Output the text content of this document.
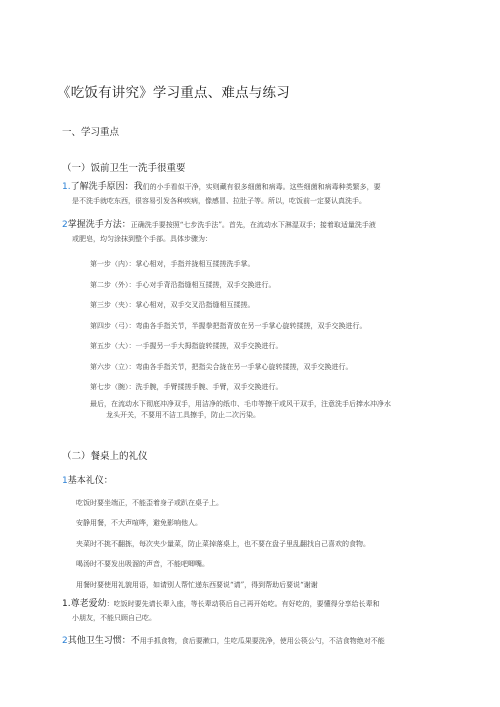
《吃饭有讲究》学习重点、难点与练习
一、学习重点
（一）饭前卫生一洗手很重要
1.了解洗手原因：我们的小手看似干净，实则藏有很多细菌和病毒。这些细菌和病毒种类繁多，要
是不洗手就吃东西，很容易引发各种疾病，像感冒、拉肚子等。所以，吃饭前一定要认真洗手。
2掌握洗手方法：正确洗手要按照“七步洗手法”。首先，在流动水下淋湿双手；接着取适量洗手液
或肥皂，均匀涂抹到整个手部。具体步骤为：
第一步（内）：掌心相对，手指并拢相互揉搓洗手掌。
第二步（外）：手心对手背沿指缝相互揉搓，双手交换进行。
第三步（夹）：掌心相对，双手交叉沿指缝相互揉搓。
第四步（弓）：弯曲各手指关节，半握拳把指背放在另一手掌心旋转揉搓，双手交换进行。
第五步（大）：一手握另一手大拇指旋转揉搓，双手交换进行。
第六步（立）：弯曲各手指关节，把指尖合拢在另一手掌心旋转揉搓，双手交换进行。
第七步（腕）：洗手腕，手臂揉搓手腕、手臂，双手交换进行。
最后，在流动水下彻底冲净双手，用洁净的纸巾、毛巾等擦干或风干双手，注意洗手后捧水冲净水
龙头开关，不要用不洁工具擦手，防止二次污染。
（二）餐桌上的礼仪
1基本礼仪：
吃饭时要坐端正，不能歪着身子或趴在桌子上。
安静用餐，不大声喧哗，避免影响他人。
夹菜时不挑不翻拣，每次夹少量菜，防止菜掉落桌上，也不要在盘子里乱翻找自己喜欢的食物。
喝汤时不要发出吸溜的声音，不能吧唧嘴。
用餐时要使用礼貌用语，如请别人帮忙递东西要说“请”，得到帮助后要说“谢谢
1.尊老爱幼：吃饭时要先请长辈入座，等长辈动筷后自己再开始吃。有好吃的，要懂得分享给长辈和
小朋友，不能只顾自己吃。
2其他卫生习惯：不用手抓食物，食后要漱口，生吃瓜果要洗净，使用公筷公勺，不洁食物绝对不能
